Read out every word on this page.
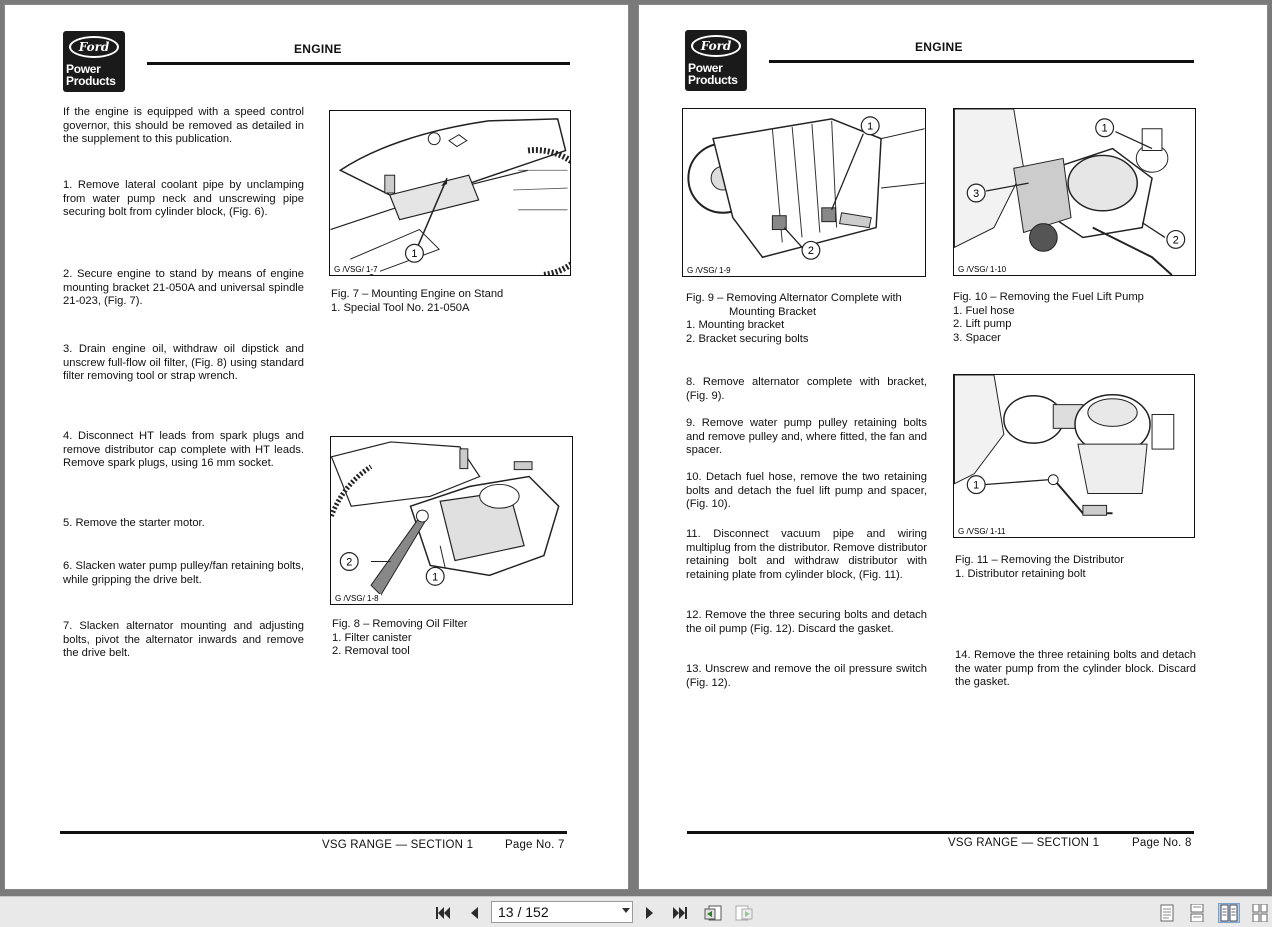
Ford
Power
Products
ENGINE
If the engine is equipped with a speed control governor, this should be removed as detailed in the supplement to this publication.
1. Remove lateral coolant pipe by unclamping from water pump neck and unscrewing pipe securing bolt from cylinder block, (Fig. 6).
2. Secure engine to stand by means of engine mounting bracket 21-050A and universal spindle 21-023, (Fig. 7).
3. Drain engine oil, withdraw oil dipstick and unscrew full-flow oil filter, (Fig. 8) using standard filter removing tool or strap wrench.
4. Disconnect HT leads from spark plugs and remove distributor cap complete with HT leads. Remove spark plugs, using 16 mm socket.
5. Remove the starter motor.
6. Slacken water pump pulley/fan retaining bolts, while gripping the drive belt.
7. Slacken alternator mounting and adjusting bolts, pivot the alternator inwards and remove the drive belt.
1
G /VSG/ 1-7
Fig. 7 – Mounting Engine on Stand
1. Special Tool No. 21-050A
2
1
G /VSG/ 1-8
Fig. 8 – Removing Oil Filter
1. Filter canister
2. Removal tool
VSG RANGE — SECTION 1	Page No. 7
Ford
Power
Products
ENGINE
1
2
G /VSG/ 1-9
Fig. 9 – Removing Alternator Complete with
Mounting Bracket
1. Mounting bracket
2. Bracket securing bolts
1
3
2
G /VSG/ 1-10
Fig. 10 – Removing the Fuel Lift Pump
1. Fuel hose
2. Lift pump
3. Spacer
8. Remove alternator complete with bracket, (Fig. 9).
9. Remove water pump pulley retaining bolts and remove pulley and, where fitted, the fan and spacer.
10. Detach fuel hose, remove the two retaining bolts and detach the fuel lift pump and spacer, (Fig. 10).
11. Disconnect vacuum pipe and wiring multiplug from the distributor. Remove distributor retaining bolt and withdraw distributor with retaining plate from cylinder block, (Fig. 11).
12. Remove the three securing bolts and detach the oil pump (Fig. 12). Discard the gasket.
13. Unscrew and remove the oil pressure switch (Fig. 12).
1
G /VSG/ 1-11
Fig. 11 – Removing the Distributor
1. Distributor retaining bolt
14. Remove the three retaining bolts and detach the water pump from the cylinder block. Discard the gasket.
VSG RANGE — SECTION 1	Page No. 8
13 / 152
